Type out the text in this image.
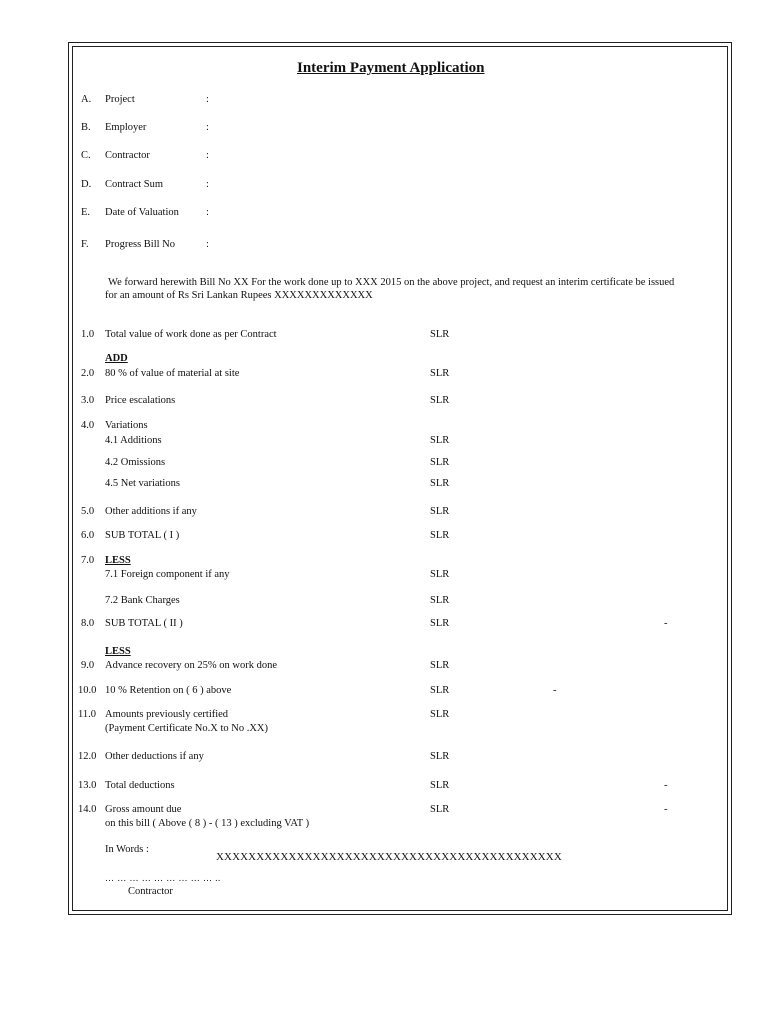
Interim Payment Application
A. Project	:
B. Employer	:
C. Contractor	:
D. Contract Sum	:
E. Date of Valuation	:
F. Progress Bill No	:
We forward herewith Bill No XX For the work done up to XXX 2015 on the above project, and request an interim certificate be issued
for an amount of Rs Sri Lankan Rupees XXXXXXXXXXXXX
1.0 Total value of work done as per Contract	SLR
ADD
2.0 80 % of value of material at site	SLR
3.0 Price escalations	SLR
4.0 Variations
4.1 Additions	SLR
4.2 Omissions	SLR
4.5 Net variations	SLR
5.0 Other additions if any	SLR
6.0 SUB TOTAL ( I )	SLR
7.0 LESS
7.1 Foreign component if any	SLR
7.2 Bank Charges	SLR
8.0 SUB TOTAL ( II )	SLR	-
LESS
9.0 Advance recovery on 25% on work done	SLR
10.0 10 % Retention on ( 6 ) above	SLR	-
11.0 Amounts previously certified
(Payment Certificate No.X to No .XX)
SLR
12.0 Other deductions if any	SLR
13.0 Total deductions	SLR	-
14.0 Gross amount due
on this bill ( Above ( 8 ) - ( 13 ) excluding VAT )
SLR	-
In Words :
XXXXXXXXXXXXXXXXXXXXXXXXXXXXXXXXXXXXXXXXXXX
… … … … … … … … … ..
Contractor
